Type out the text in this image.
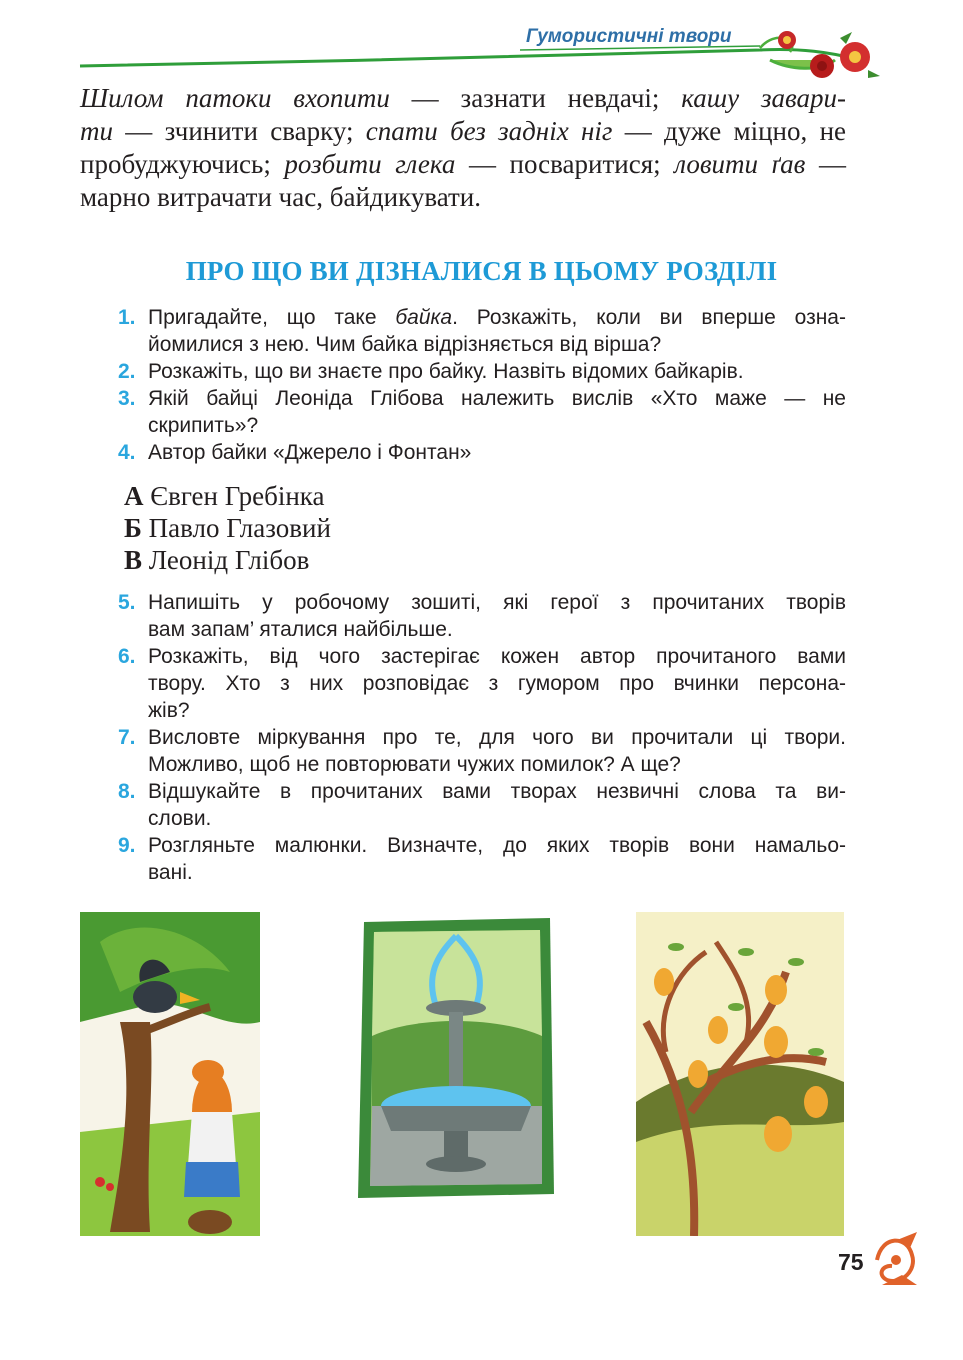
Гумористичні твори
Шилом патоки вхопити — зазнати невдачі; кашу завари-
ти — зчинити сварку; спати без задніх ніг — дуже міцно, не
пробуджуючись; розбити глека — посваритися; ловити ґав —
марно витрачати час, байдикувати.
ПРО ЩО ВИ ДІЗНАЛИСЯ В ЦЬОМУ РОЗДІЛІ
1. Пригадайте, що таке байка. Розкажіть, коли ви вперше озна-
йомилися з нею. Чим байка відрізняється від вірша?
2. Розкажіть, що ви знаєте про байку. Назвіть відомих байкарів.
3. Якій байці Леоніда Глібова належить вислів «Хто маже — не
скрипить»?
4. Автор байки «Джерело і Фонтан»
А Євген Гребінка
Б Павло Глазовий
В Леонід Глібов
5. Напишіть у робочому зошиті, які герої з прочитаних творів
вам запам’ яталися найбільше.
6. Розкажіть, від чого застерігає кожен автор прочитаного вами
твору. Хто з них розповідає з гумором про вчинки персона-
жів?
7. Висловте міркування про те, для чого ви прочитали ці твори.
Можливо, щоб не повторювати чужих помилок? А ще?
8. Відшукайте в прочитаних вами творах незвичні слова та ви-
слови.
9. Розгляньте малюнки. Визначте, до яких творів вони намальо-
вані.
75
